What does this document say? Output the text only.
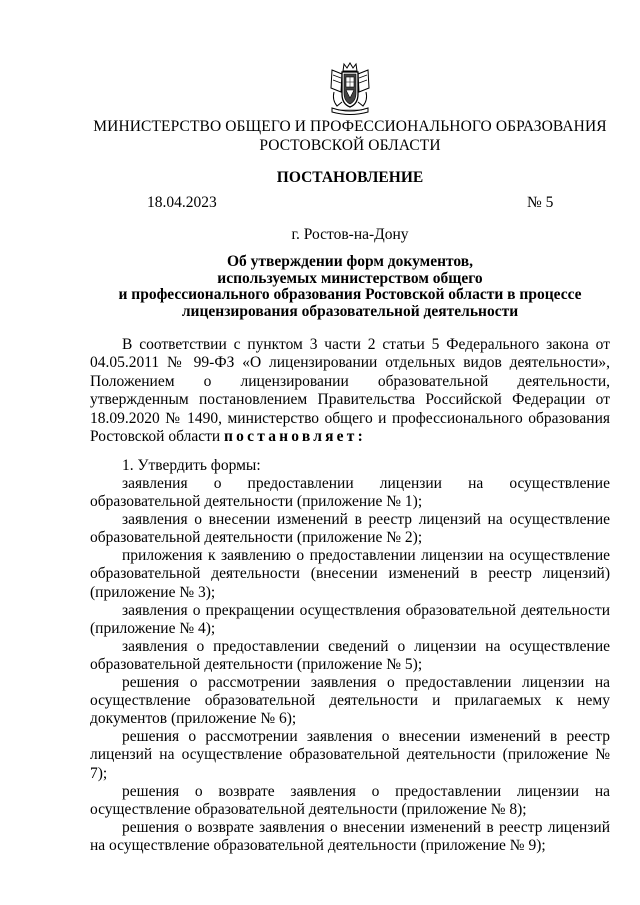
МИНИСТЕРСТВО ОБЩЕГО И ПРОФЕССИОНАЛЬНОГО ОБРАЗОВАНИЯ
РОСТОВСКОЙ ОБЛАСТИ
ПОСТАНОВЛЕНИЕ
18.04.2023	№ 5
г. Ростов-на-Дону
Об утверждении форм документов,
используемых министерством общего
и профессионального образования Ростовской области в процессе
лицензирования образовательной деятельности

В соответствии с пунктом 3 части 2 статьи 5 Федерального закона от 04.05.2011 № 99-ФЗ «О лицензировании отдельных видов деятельности», Положением о лицензировании образовательной деятельности, утвержденным постановлением Правительства Российской Федерации от 18.09.2020 № 1490, министерство общего и профессионального образования Ростовской области постановляет:

1. Утвердить формы:

заявления о предоставлении лицензии на осуществление образовательной деятельности (приложение № 1);

заявления о внесении изменений в реестр лицензий на осуществление образовательной деятельности (приложение № 2);

приложения к заявлению о предоставлении лицензии на осуществление образовательной деятельности (внесении изменений в реестр лицензий) (приложение № 3);

заявления о прекращении осуществления образовательной деятельности (приложение № 4);

заявления о предоставлении сведений о лицензии на осуществление образовательной деятельности (приложение № 5);

решения о рассмотрении заявления о предоставлении лицензии на осуществление образовательной деятельности и прилагаемых к нему документов (приложение № 6);

решения о рассмотрении заявления о внесении изменений в реестр лицензий на осуществление образовательной деятельности (приложение № 7);

решения о возврате заявления о предоставлении лицензии на осуществление образовательной деятельности (приложение № 8);

решения о возврате заявления о внесении изменений в реестр лицензий на осуществление образовательной деятельности (приложение № 9);
